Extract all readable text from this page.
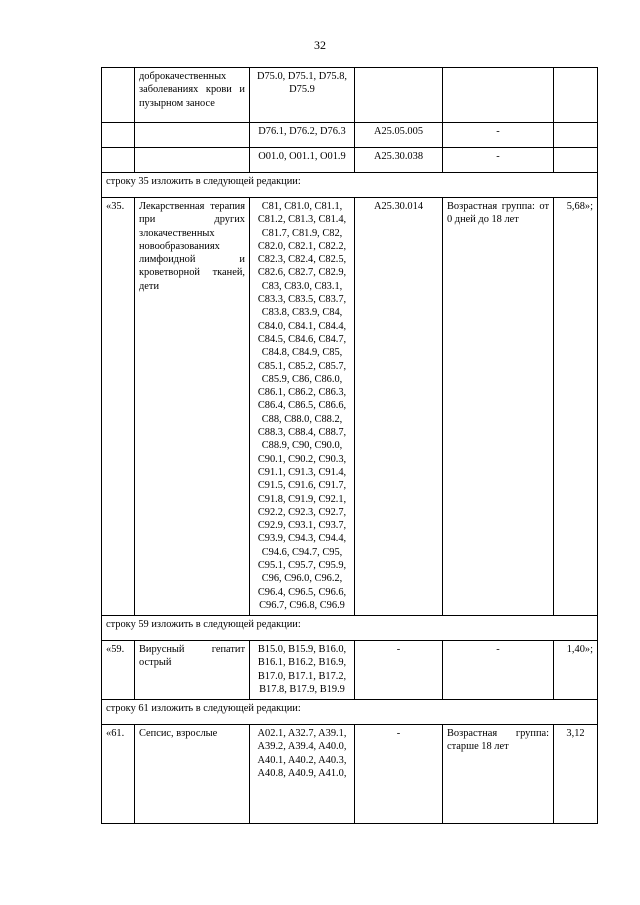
32
	доброкачественных заболеваниях крови и пузырном заносе	D75.0, D75.1, D75.8, D75.9			
		D76.1, D76.2, D76.3	A25.05.005	-	
		O01.0, O01.1, O01.9	A25.30.038	-	
строку 35 изложить в следующей редакции:					
«35.	Лекарственная терапия при других злокачественных новообразованиях лимфоидной и кроветворной тканей, дети	C81, C81.0, C81.1, C81.2, C81.3, C81.4, C81.7, C81.9, C82, C82.0, C82.1, C82.2, C82.3, C82.4, C82.5, C82.6, C82.7, C82.9, C83, C83.0, C83.1, C83.3, C83.5, C83.7, C83.8, C83.9, C84, C84.0, C84.1, C84.4, C84.5, C84.6, C84.7, C84.8, C84.9, C85, C85.1, C85.2, C85.7, C85.9, C86, C86.0, C86.1, C86.2, C86.3, C86.4, C86.5, C86.6, C88, C88.0, C88.2, C88.3, C88.4, C88.7, C88.9, C90, C90.0, C90.1, C90.2, C90.3, C91.1, C91.3, C91.4, C91.5, C91.6, C91.7, C91.8, C91.9, C92.1, C92.2, C92.3, C92.7, C92.9, C93.1, C93.7, C93.9, C94.3, C94.4, C94.6, C94.7, C95, C95.1, C95.7, C95.9, C96, C96.0, C96.2, C96.4, C96.5, C96.6, C96.7, C96.8, C96.9	A25.30.014	Возрастная группа: от 0 дней до 18 лет	5,68»;
строку 59 изложить в следующей редакции:					
«59.	Вирусный гепатит острый	B15.0, B15.9, B16.0, B16.1, B16.2, B16.9, B17.0, B17.1, B17.2, B17.8, B17.9, B19.9	-	-	1,40»;
строку 61 изложить в следующей редакции:					
«61.	Сепсис, взрослые	A02.1, A32.7, A39.1, A39.2, A39.4, A40.0, A40.1, A40.2, A40.3, A40.8, A40.9, A41.0,	-	Возрастная группа: старше 18 лет	3,12
